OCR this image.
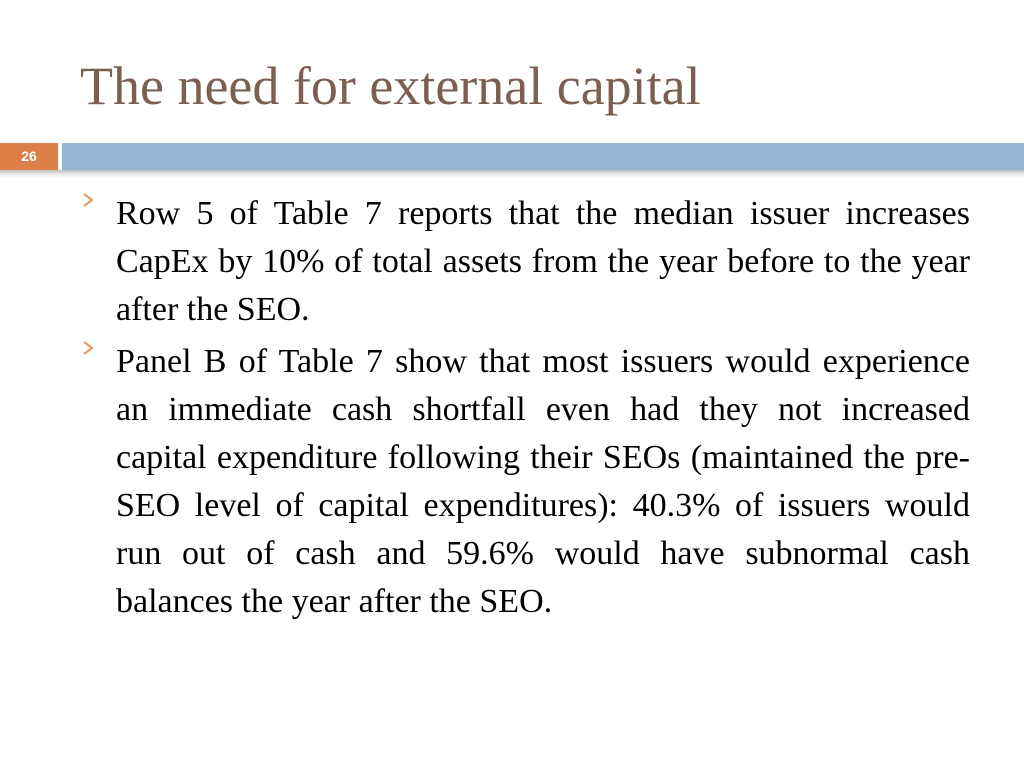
The need for external capital
26
Row 5 of Table 7 reports that the median issuer increases CapEx by 10% of total assets from the year before to the year after the SEO.
Panel B of Table 7 show that most issuers would experience an immediate cash shortfall even had they not increased capital expenditure following their SEOs (maintained the pre-SEO level of capital expenditures): 40.3% of issuers would run out of cash and 59.6% would have subnormal cash balances the year after the SEO.
